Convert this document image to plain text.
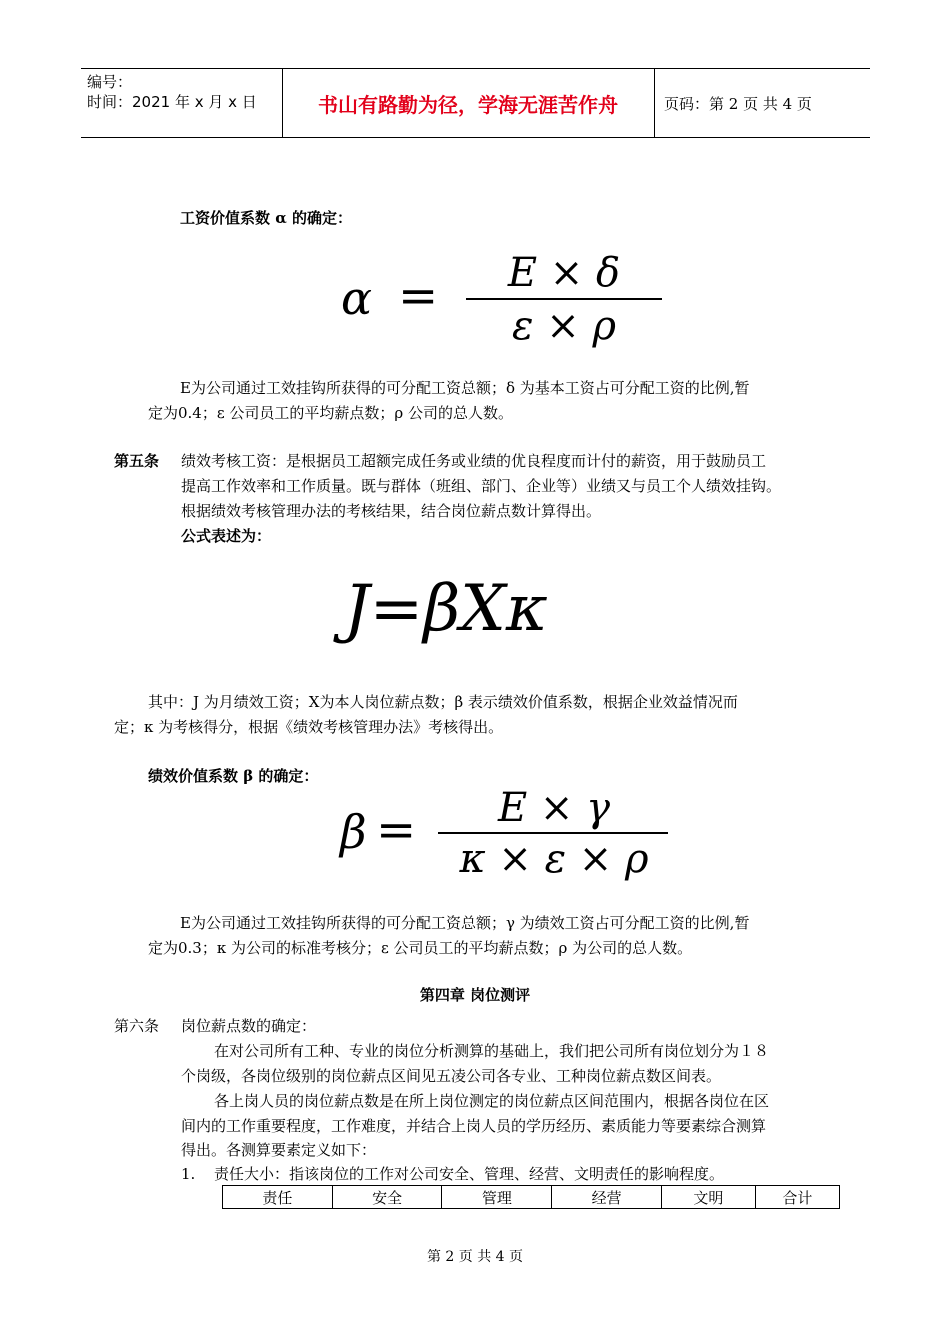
编号：
时间：2021 年 x 月 x 日	书山有路勤为径，学海无涯苦作舟	页码：第 2 页 共 4 页
工资价值系数 α 的确定：
α =	E × δ
ε × ρ
E为公司通过工效挂钩所获得的可分配工资总额；δ 为基本工资占可分配工资的比例,暂
定为0.4；ε 公司员工的平均薪点数；ρ 公司的总人数。
第五条 绩效考核工资：是根据员工超额完成任务或业绩的优良程度而计付的薪资，用于鼓励员工
提高工作效率和工作质量。既与群体（班组、部门、企业等）业绩又与员工个人绩效挂钩。
根据绩效考核管理办法的考核结果，结合岗位薪点数计算得出。
公式表述为：
J=βXκ
其中：J 为月绩效工资；X为本人岗位薪点数；β 表示绩效价值系数，根据企业效益情况而
定；κ 为考核得分，根据《绩效考核管理办法》考核得出。
绩效价值系数 β 的确定：
β =	E × γ
κ × ε × ρ
E为公司通过工效挂钩所获得的可分配工资总额；γ 为绩效工资占可分配工资的比例,暂
定为0.3；κ 为公司的标准考核分；ε 公司员工的平均薪点数；ρ 为公司的总人数。
第四章 岗位测评
第六条 岗位薪点数的确定：
在对公司所有工种、专业的岗位分析测算的基础上，我们把公司所有岗位划分为１８
个岗级，各岗位级别的岗位薪点区间见五凌公司各专业、工种岗位薪点数区间表。
各上岗人员的岗位薪点数是在所上岗位测定的岗位薪点区间范围内，根据各岗位在区
间内的工作重要程度，工作难度，并结合上岗人员的学历经历、素质能力等要素综合测算
得出。各测算要素定义如下：
1. 责任大小：指该岗位的工作对公司安全、管理、经营、文明责任的影响程度。
责任	安全	管理	经营	文明	合计
第 2 页 共 4 页
